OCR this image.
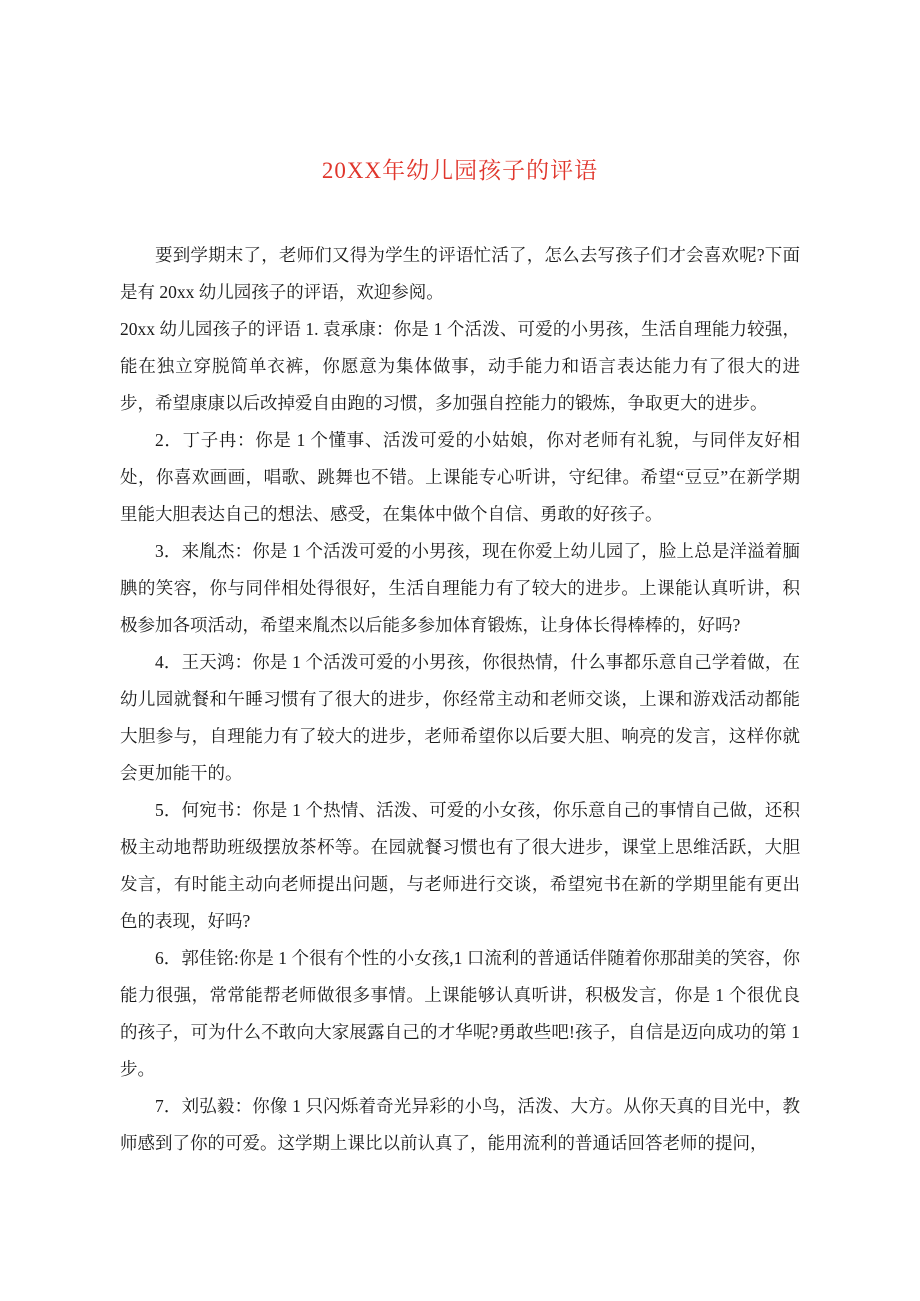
20XX年幼儿园孩子的评语

要到学期末了，老师们又得为学生的评语忙活了，怎么去写孩子们才会喜欢呢?下面是有 20xx 幼儿园孩子的评语，欢迎参阅。

20xx 幼儿园孩子的评语 1. 袁承康：你是 1 个活泼、可爱的小男孩，生活自理能力较强，能在独立穿脱简单衣裤，你愿意为集体做事，动手能力和语言表达能力有了很大的进步，希望康康以后改掉爱自由跑的习惯，多加强自控能力的锻炼，争取更大的进步。

2．丁子冉：你是 1 个懂事、活泼可爱的小姑娘，你对老师有礼貌，与同伴友好相处，你喜欢画画，唱歌、跳舞也不错。上课能专心听讲，守纪律。希望“豆豆”在新学期里能大胆表达自己的想法、感受，在集体中做个自信、勇敢的好孩子。

3．来胤杰：你是 1 个活泼可爱的小男孩，现在你爱上幼儿园了，脸上总是洋溢着腼腆的笑容，你与同伴相处得很好，生活自理能力有了较大的进步。上课能认真听讲，积极参加各项活动，希望来胤杰以后能多参加体育锻炼，让身体长得棒棒的，好吗?

4．王天鸿：你是 1 个活泼可爱的小男孩，你很热情，什么事都乐意自己学着做，在幼儿园就餐和午睡习惯有了很大的进步，你经常主动和老师交谈，上课和游戏活动都能大胆参与，自理能力有了较大的进步，老师希望你以后要大胆、响亮的发言，这样你就会更加能干的。

5．何宛书：你是 1 个热情、活泼、可爱的小女孩，你乐意自己的事情自己做，还积极主动地帮助班级摆放茶杯等。在园就餐习惯也有了很大进步，课堂上思维活跃，大胆发言，有时能主动向老师提出问题，与老师进行交谈，希望宛书在新的学期里能有更出色的表现，好吗?

6．郭佳铭:你是 1 个很有个性的小女孩,1 口流利的普通话伴随着你那甜美的笑容，你能力很强，常常能帮老师做很多事情。上课能够认真听讲，积极发言，你是 1 个很优良的孩子，可为什么不敢向大家展露自己的才华呢?勇敢些吧!孩子，自信是迈向成功的第 1 步。

7．刘弘毅：你像 1 只闪烁着奇光异彩的小鸟，活泼、大方。从你天真的目光中，教师感到了你的可爱。这学期上课比以前认真了，能用流利的普通话回答老师的提问，
